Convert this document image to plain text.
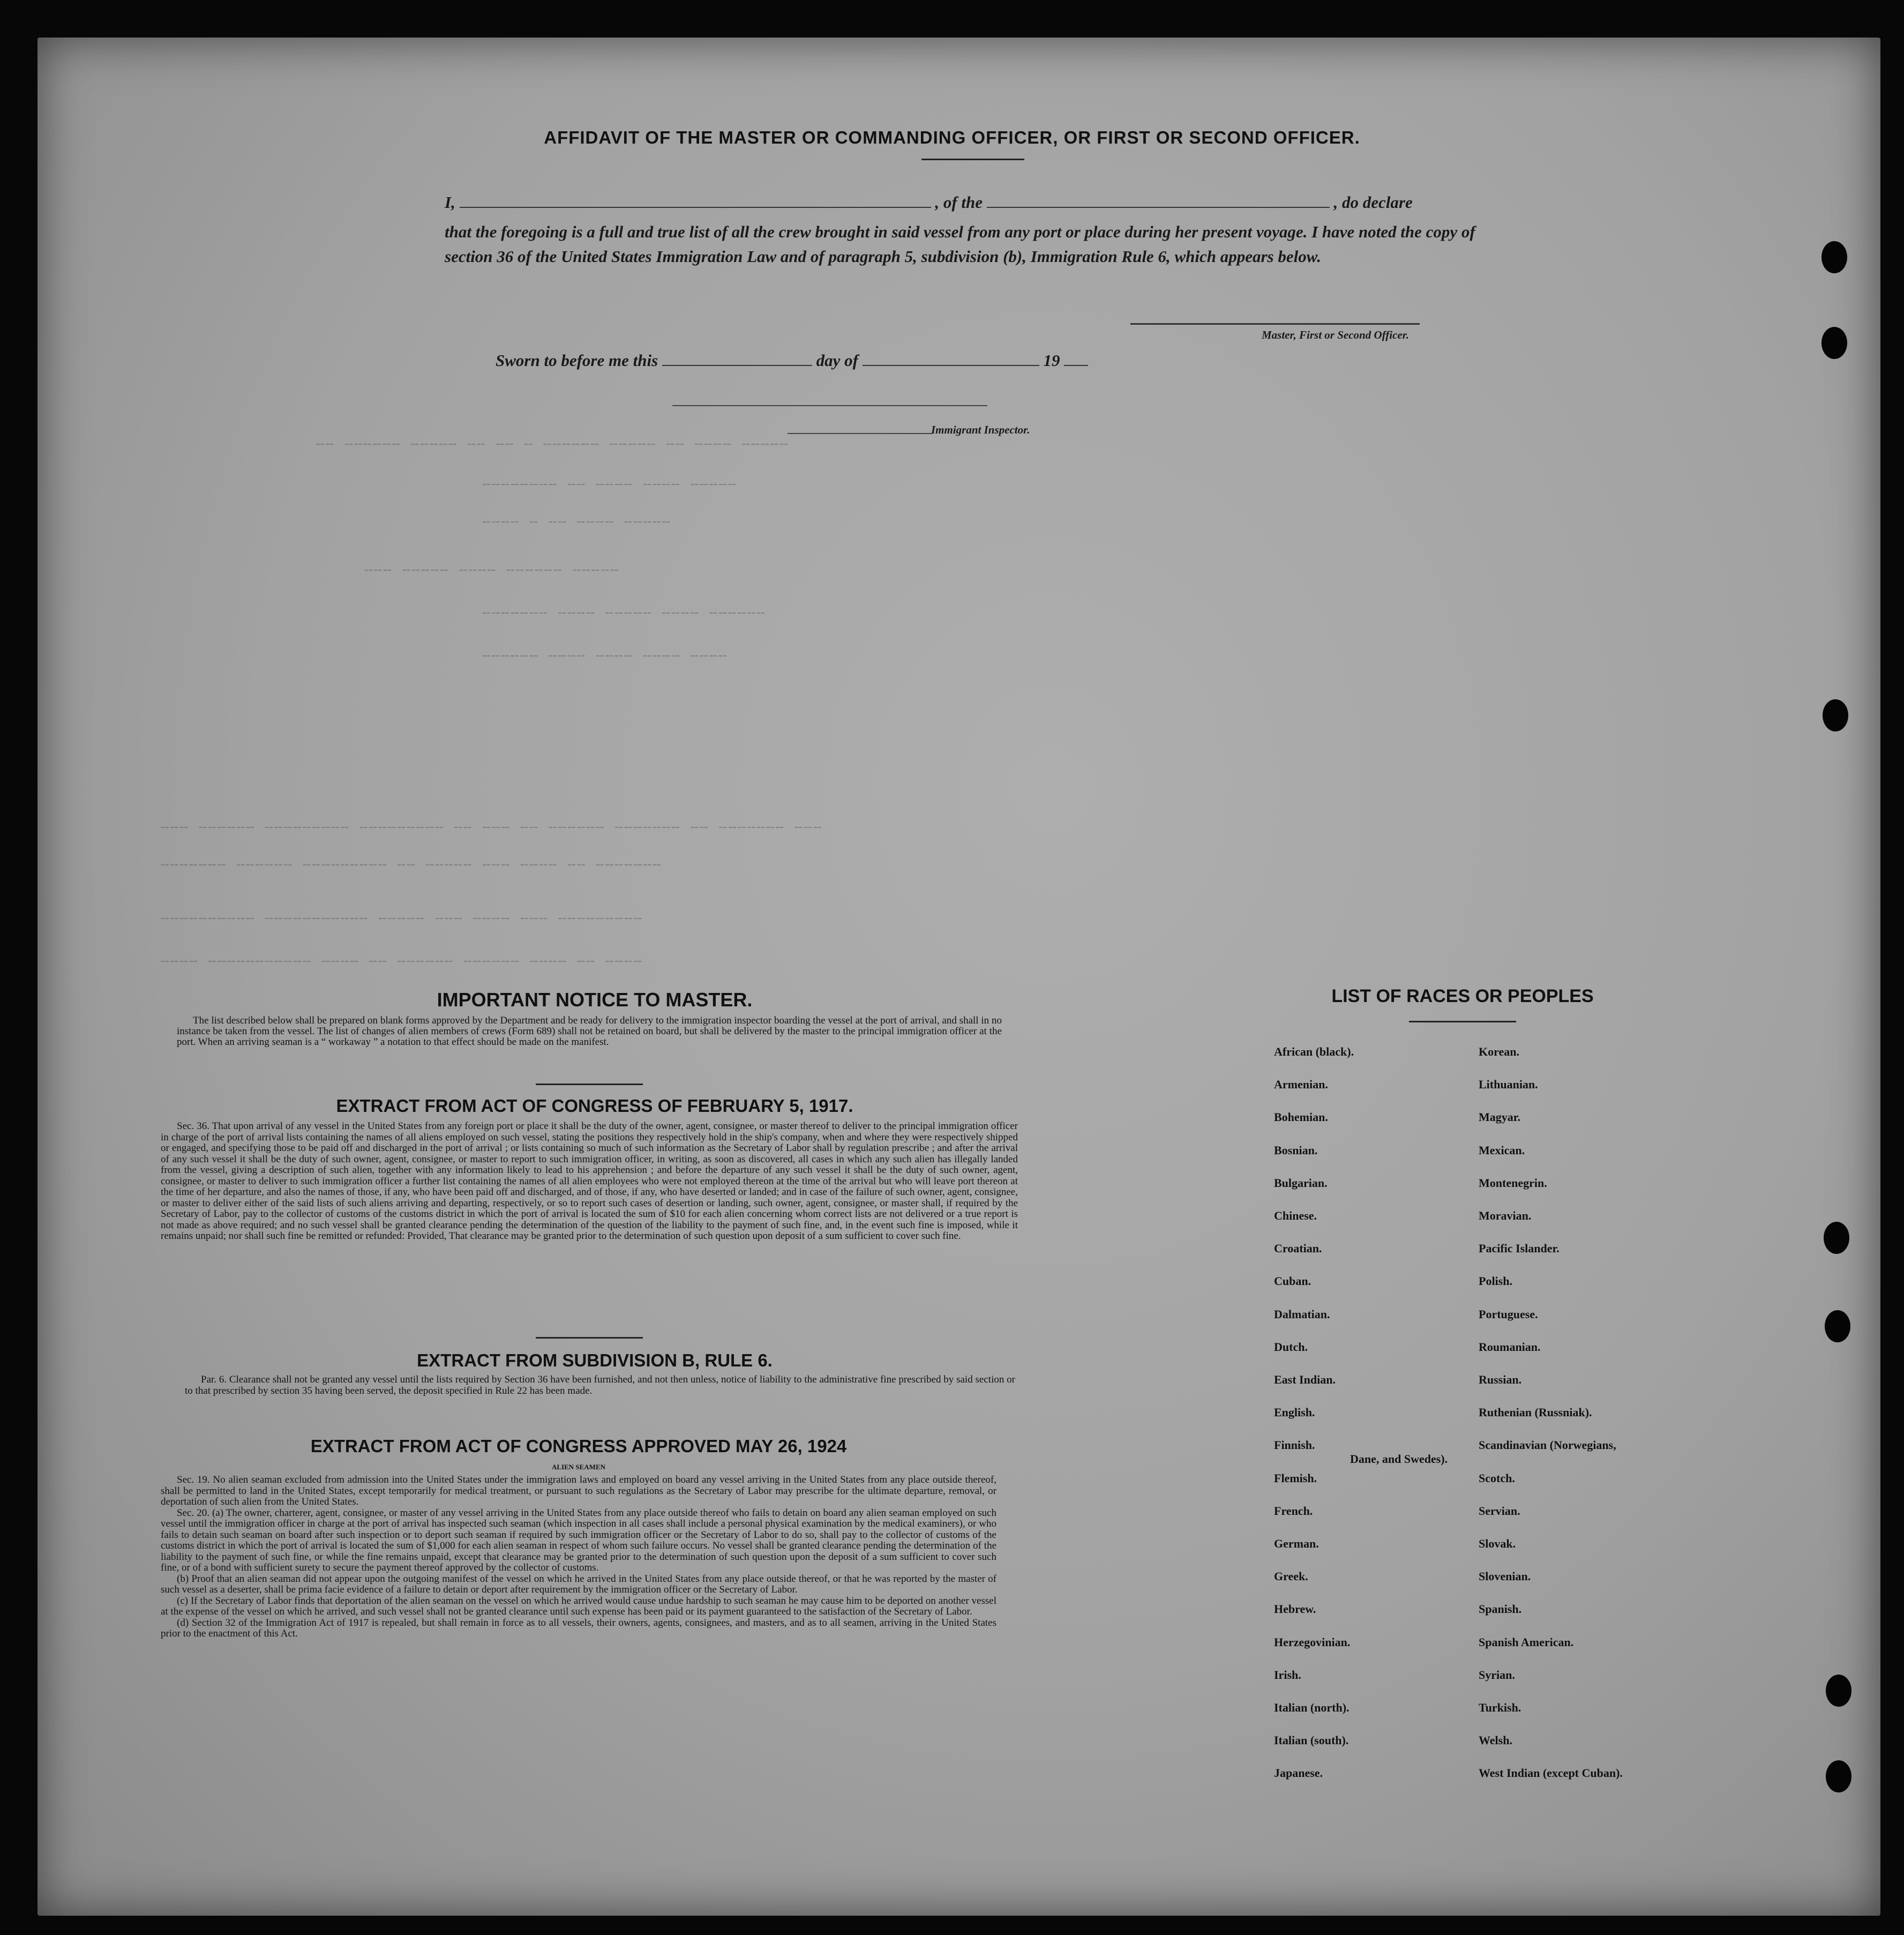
AFFIDAVIT OF THE MASTER OR COMMANDING OFFICER, OR FIRST OR SECOND OFFICER.
I,	, of the	, do declare
that the foregoing is a full and true list of all the crew brought in said vessel from any port or place during her present voyage. I have noted the copy of section 36 of the United States Immigration Law and of paragraph 5, subdivision (b), Immigration Rule 6, which appears below.
Master, First or Second Officer.
Sworn to before me this	day of	19
Immigrant Inspector.
╌╌ ╌╌╌╌╌╌ ╌╌╌╌╌ ╌╌ ╌╌ ╌ ╌╌╌╌╌╌ ╌╌╌╌╌ ╌╌ ╌╌╌╌ ╌╌╌╌╌
╌╌╌╌╌╌╌╌ ╌╌ ╌╌╌╌ ╌╌╌╌ ╌╌╌╌╌
╌╌╌╌ ╌ ╌╌ ╌╌╌╌ ╌╌╌╌╌
╌╌╌ ╌╌╌╌╌ ╌╌╌╌ ╌╌╌╌╌╌ ╌╌╌╌╌
╌╌╌╌╌╌╌ ╌╌╌╌ ╌╌╌╌╌ ╌╌╌╌ ╌╌╌╌╌╌
╌╌╌╌╌╌ ╌╌╌╌ ╌╌╌╌ ╌╌╌╌ ╌╌╌╌
╌╌╌ ╌╌╌╌╌╌ ╌╌╌╌╌╌╌╌╌ ╌╌╌╌╌╌╌╌╌ ╌╌ ╌╌╌ ╌╌ ╌╌╌╌╌╌ ╌╌╌╌╌╌╌ ╌╌ ╌╌╌╌╌╌╌ ╌╌╌
╌╌╌╌╌╌╌ ╌╌╌╌╌╌ ╌╌╌╌╌╌╌╌╌ ╌╌ ╌╌╌╌╌ ╌╌╌ ╌╌╌╌ ╌╌ ╌╌╌╌╌╌╌
╌╌╌╌╌╌╌╌╌╌ ╌╌╌╌╌╌╌╌╌╌╌ ╌╌╌╌╌ ╌╌╌ ╌╌╌╌ ╌╌╌ ╌╌╌╌╌╌╌╌╌
╌╌╌╌ ╌╌╌╌╌╌╌╌╌╌╌ ╌╌╌╌ ╌╌ ╌╌╌╌╌╌ ╌╌╌╌╌╌ ╌╌╌╌ ╌╌ ╌╌╌╌
IMPORTANT NOTICE TO MASTER.
The list described below shall be prepared on blank forms approved by the Department and be ready for delivery to the immigration inspector boarding the vessel at the port of arrival, and shall in no instance be taken from the vessel. The list of changes of alien members of crews (Form 689) shall not be retained on board, but shall be delivered by the master to the principal immigration officer at the port. When an arriving seaman is a “ workaway ” a notation to that effect should be made on the manifest.
EXTRACT FROM ACT OF CONGRESS OF FEBRUARY 5, 1917.
Sec. 36. That upon arrival of any vessel in the United States from any foreign port or place it shall be the duty of the owner, agent, consignee, or master thereof to deliver to the principal immigration officer in charge of the port of arrival lists containing the names of all aliens employed on such vessel, stating the positions they respectively hold in the ship's company, when and where they were respectively shipped or engaged, and specifying those to be paid off and discharged in the port of arrival ; or lists containing so much of such information as the Secretary of Labor shall by regulation prescribe ; and after the arrival of any such vessel it shall be the duty of such owner, agent, consignee, or master to report to such immigration officer, in writing, as soon as discovered, all cases in which any such alien has illegally landed from the vessel, giving a description of such alien, together with any information likely to lead to his apprehension ; and before the departure of any such vessel it shall be the duty of such owner, agent, consignee, or master to deliver to such immigration officer a further list containing the names of all alien employees who were not employed thereon at the time of the arrival but who will leave port thereon at the time of her departure, and also the names of those, if any, who have been paid off and discharged, and of those, if any, who have deserted or landed; and in case of the failure of such owner, agent, consignee, or master to deliver either of the said lists of such aliens arriving and departing, respectively, or so to report such cases of desertion or landing, such owner, agent, consignee, or master shall, if required by the Secretary of Labor, pay to the collector of customs of the customs district in which the port of arrival is located the sum of $10 for each alien concerning whom correct lists are not delivered or a true report is not made as above required; and no such vessel shall be granted clearance pending the determination of the question of the liability to the payment of such fine, and, in the event such fine is imposed, while it remains unpaid; nor shall such fine be remitted or refunded: Provided, That clearance may be granted prior to the determination of such question upon deposit of a sum sufficient to cover such fine.
EXTRACT FROM SUBDIVISION B, RULE 6.
Par. 6. Clearance shall not be granted any vessel until the lists required by Section 36 have been furnished, and not then unless, notice of liability to the administrative fine prescribed by said section or to that prescribed by section 35 having been served, the deposit specified in Rule 22 has been made.
EXTRACT FROM ACT OF CONGRESS APPROVED MAY 26, 1924
ALIEN SEAMEN

Sec. 19. No alien seaman excluded from admission into the United States under the immigration laws and employed on board any vessel arriving in the United States from any place outside thereof, shall be permitted to land in the United States, except temporarily for medical treatment, or pursuant to such regulations as the Secretary of Labor may prescribe for the ultimate departure, removal, or deportation of such alien from the United States.

Sec. 20. (a) The owner, charterer, agent, consignee, or master of any vessel arriving in the United States from any place outside thereof who fails to detain on board any alien seaman employed on such vessel until the immigration officer in charge at the port of arrival has inspected such seaman (which inspection in all cases shall include a personal physical examination by the medical examiners), or who fails to detain such seaman on board after such inspection or to deport such seaman if required by such immigration officer or the Secretary of Labor to do so, shall pay to the collector of customs of the customs district in which the port of arrival is located the sum of $1,000 for each alien seaman in respect of whom such failure occurs. No vessel shall be granted clearance pending the determination of the liability to the payment of such fine, or while the fine remains unpaid, except that clearance may be granted prior to the determination of such question upon the deposit of a sum sufficient to cover such fine, or of a bond with sufficient surety to secure the payment thereof approved by the collector of customs.

(b) Proof that an alien seaman did not appear upon the outgoing manifest of the vessel on which he arrived in the United States from any place outside thereof, or that he was reported by the master of such vessel as a deserter, shall be prima facie evidence of a failure to detain or deport after requirement by the immigration officer or the Secretary of Labor.

(c) If the Secretary of Labor finds that deportation of the alien seaman on the vessel on which he arrived would cause undue hardship to such seaman he may cause him to be deported on another vessel at the expense of the vessel on which he arrived, and such vessel shall not be granted clearance until such expense has been paid or its payment guaranteed to the satisfaction of the Secretary of Labor.

(d) Section 32 of the Immigration Act of 1917 is repealed, but shall remain in force as to all vessels, their owners, agents, consignees, and masters, and as to all seamen, arriving in the United States prior to the enactment of this Act.

LIST OF RACES OR PEOPLES
African (black).
Armenian.
Bohemian.
Bosnian.
Bulgarian.
Chinese.
Croatian.
Cuban.
Dalmatian.
Dutch.
East Indian.
English.
Finnish.
Flemish.
French.
German.
Greek.
Hebrew.
Herzegovinian.
Irish.
Italian (north).
Italian (south).
Japanese.
Korean.
Lithuanian.
Magyar.
Mexican.
Montenegrin.
Moravian.
Pacific Islander.
Polish.
Portuguese.
Roumanian.
Russian.
Ruthenian (Russniak).
Scandinavian (Norwegians,
Dane, and Swedes).
Scotch.
Servian.
Slovak.
Slovenian.
Spanish.
Spanish American.
Syrian.
Turkish.
Welsh.
West Indian (except Cuban).
